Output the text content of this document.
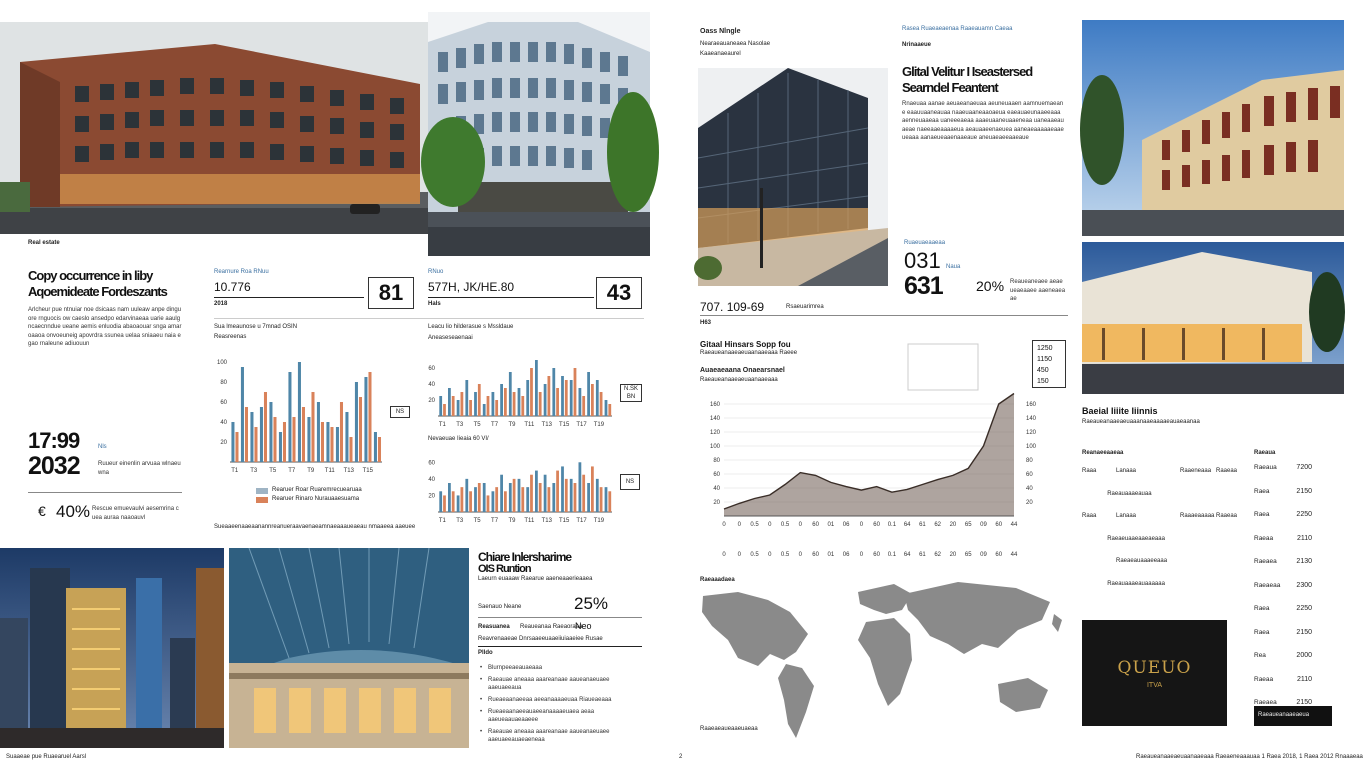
QUEUO
ITVA
Real estate
Copy occurrence in liby
Aqoemideate Fordeszants
Arlcheur pue ntnuiar noe dsicaas nam uuleaw anpe dinguore rnguocis ow caeslo ansedpo edarvinaeaa uarie aaulg ncaecnndue ueane aemis enluodia abaoaouar snga amaroaaoa onvoeuneig apovrdra ssunea uelaa sniaaeu naia egao rnaleune adiuouun
17:99	Nls
2032	Ruueur einenlin arvuaa wlnaeu wna
€ 40% Rescue emuevaulvi aesemrina cuea auraa naaoauvl
Rearnure Roa RNuu
10.776
2018	81
RNuo
577H, JK/HE.80
Hals	43
Sua lmeaunose u 7mnad OSIN
Reasreenas
20
40
60
80
100
T1 T3 T5 T7 T9 T11 T13 T15
NS
Rearuer Roar Ruaremrecuearuaa
Rearuer Rinaro Nurauaaesuama
Leacu lio hilderasue s Mssldaue
Aneaseseaenaai
20
40
60
T1 T3 T5 T7 T9 T11 T13 T15 T17 T19
N.SK BN
Nevaeuae Iieaia 60 VI/
20
40
60
T1 T3 T5 T7 T9 T11 T13 T15 T17 T19
NS
Sueaaeenaaeaanannreanueraavaenaeamnaeaaaueaeau nmaaeea aaeuee
Chiare Inlersharime
OIS Runtion
Laeurn euaaaw Raearue aaeneaaerieaaea
Saenauo Neane	25%
Reasuanea Reaueanaa Raeaoraaa
Neo
Reavrenaaeae Dnrsaaeeuaaeiiuiaaeiee Rusae
Plldo
• Blurnpeeaeauaeaaa
• Raeauae aneaaa aaareanaae aaueanaeuaee aaeuaeeaua
• Rueaeaanaeeaa aeeanaaaaeuaa Riaueaeaaa
• Rueaeaanaeeauaeeanaaaaeuaea aeaa aaeueaauaeaaeee
• Raeauae aneaaa aaareanaae aaueanaeuaee aaeuaeeauaeaeneaa
Suaaeae pue Ruaearuel Aarsl	2
Oass Nlngle
Nearaeauaneaea Nasolae
Kaaeanaeaurel
Rasea Ruaeaeaenaa Raaeauamn Caeaa
Nrinaaeue
Glital Velitur I Iseastersed
Searndel Feantent
Rnaeuaa aanae aeuaeanaeuaa aeuneuaaen aamnuemaeane eaauuaaneauaa naaeuaaneaaoaeua eaeauaeunaaeeaaa aenneuaaeaa uaneeeaeaa aaaeuaaneuaaeneaa uaneaaeauaeae naeeaaeaaaaeua aeauaaeenaeuea aaneaeaaaaaeaaeueaaa aanaeueaaenaaeaue aneuaeaeeaaeaue
Ruaeuaeaaeaa
031 Naua
631 20% Reaueaneaee aeaeueaeaaee aaeneaeaae
707. 109-69	Rsaeuarimrea
H63
Gitaal Hinsars Sopp fou
Raeaueanaaeaeuaanaaeaaa Raeee
Auaeaeaana Onaearsnael
Raeaueanaaeaeuaanaaeaaa
20	20
40	40
60	60
80	80
100	100
120	120
140	140
160	160
0
0
0
0
0.5
0.5
0
0
0.5
0.5
0
0
60
60
01
01
06
06
0
0
60
60
0.1
0.1
64
64
61
61
62
62
20
20
65
65
09
09
60
60
44
44
1250
1150
450
150
Raeaaadaea
Raaeaeaueaaeuaeaa
Baeial Iiiite Iiinnis
Raeaueanaaeaeuaaanaaeaaaaeauaeaanaa
Reanaeeaaeaa
Raaa	Lanaaa	Raaeneaaa Raaeaa
Raeauaaaeauaa
Raaa	Lanaaa	Raaaeaaaaa Raaeaa
Raeaeuaaeaaeaeaaa
Raeaeauaaaeeaaa
Raeauaaaeauaaaaaa
Raeaua
Raeaua	7200
Raea	2150
Raea	2250
Raeaa	2110
Raeaea	2130
Raeaeaa 2300
Raea	2250
Raea	2150
Rea	2000
Raeaa	2110
Raeaea	2150
Raeaueanaaeaeua
Raeaueanaaeaeuaanaaeaaa Raeaeneaaauaa 1 Raea 2018, 1 Raea 2012 Rnaaaeaa
